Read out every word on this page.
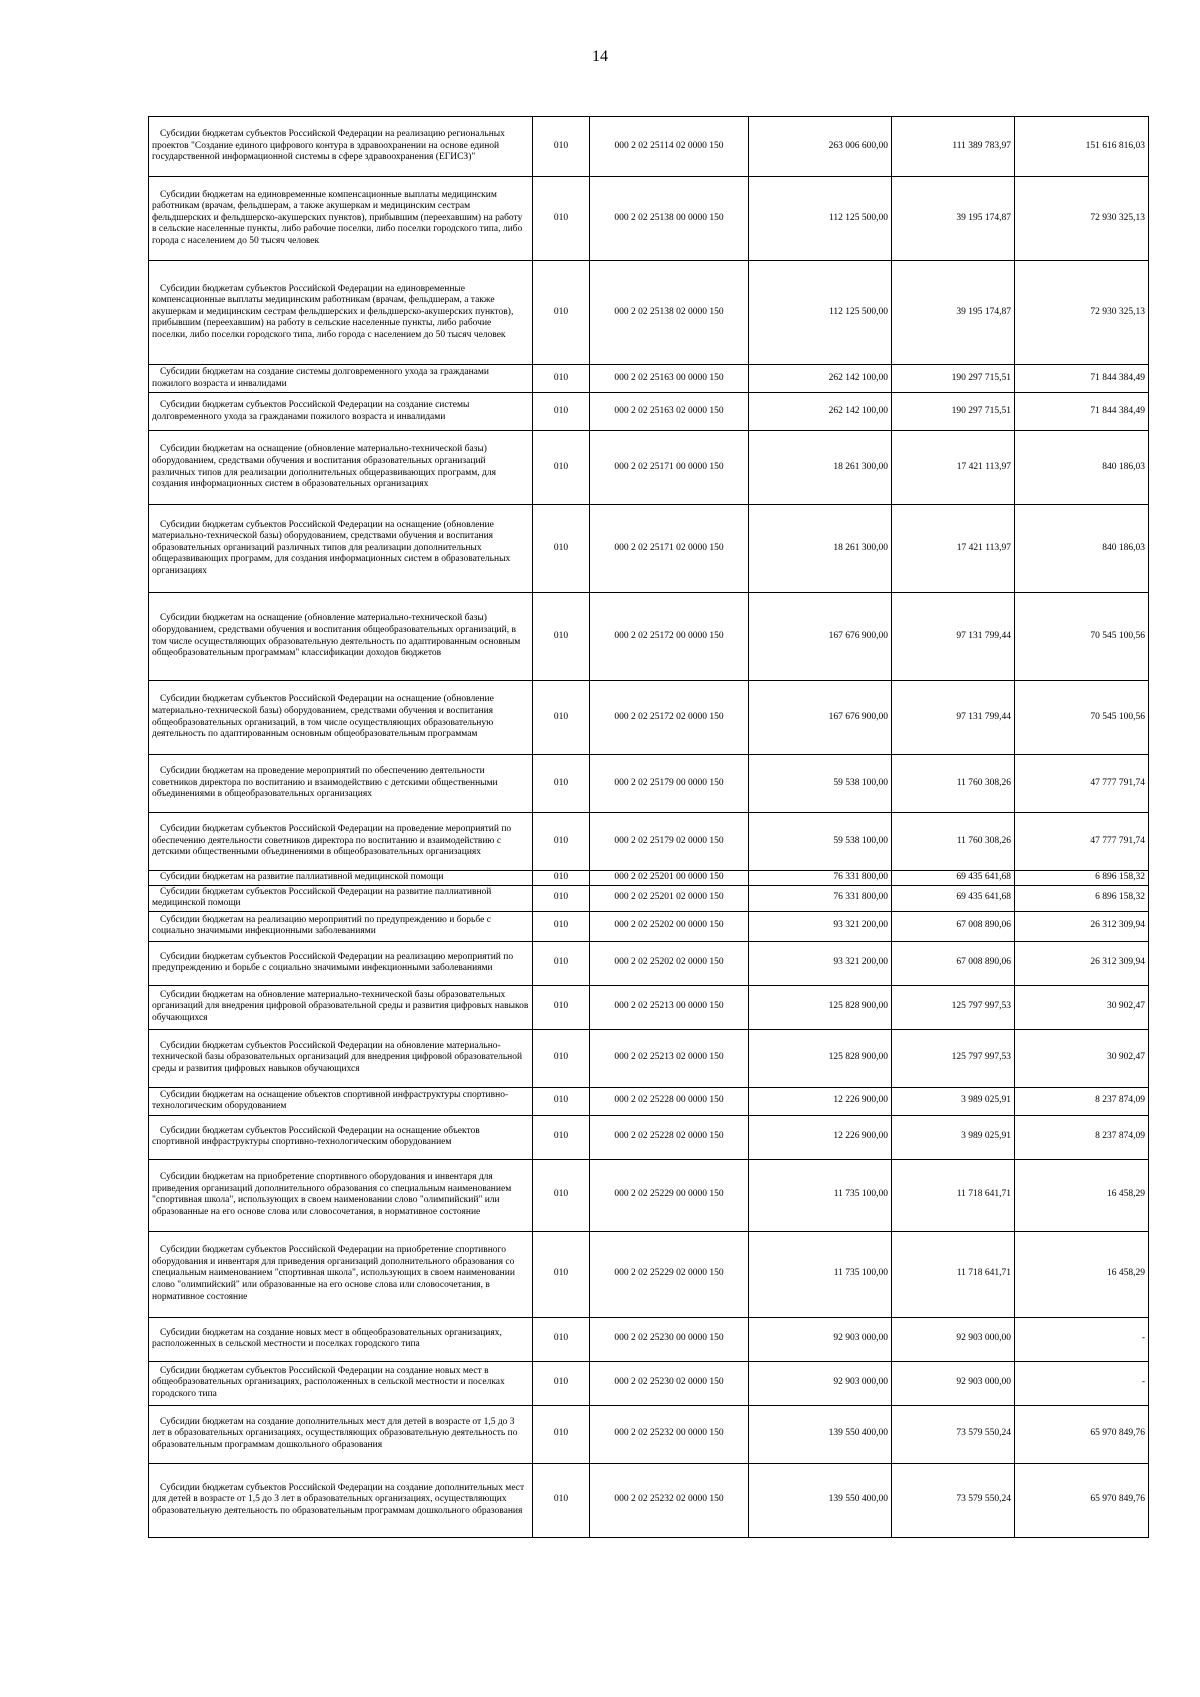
14
Субсидии бюджетам субъектов Российской Федерации на реализацию региональных проектов "Создание единого цифрового контура в здравоохранении на основе единой государственной информационной системы в сфере здравоохранения (ЕГИСЗ)"	010	000 2 02 25114 02 0000 150	263 006 600,00	111 389 783,97	151 616 816,03
Субсидии бюджетам на единовременные компенсационные выплаты медицинским работникам (врачам, фельдшерам, а также акушеркам и медицинским сестрам фельдшерских и фельдшерско-акушерских пунктов), прибывшим (переехавшим) на работу в сельские населенные пункты, либо рабочие поселки, либо поселки городского типа, либо города с населением до 50 тысяч человек	010	000 2 02 25138 00 0000 150	112 125 500,00	39 195 174,87	72 930 325,13
Субсидии бюджетам субъектов Российской Федерации на единовременные компенсационные выплаты медицинским работникам (врачам, фельдшерам, а также акушеркам и медицинским сестрам фельдшерских и фельдшерско-акушерских пунктов), прибывшим (переехавшим) на работу в сельские населенные пункты, либо рабочие поселки, либо поселки городского типа, либо города с населением до 50 тысяч человек	010	000 2 02 25138 02 0000 150	112 125 500,00	39 195 174,87	72 930 325,13
Субсидии бюджетам на создание системы долговременного ухода за гражданами пожилого возраста и инвалидами	010	000 2 02 25163 00 0000 150	262 142 100,00	190 297 715,51	71 844 384,49
Субсидии бюджетам субъектов Российской Федерации на создание системы долговременного ухода за гражданами пожилого возраста и инвалидами	010	000 2 02 25163 02 0000 150	262 142 100,00	190 297 715,51	71 844 384,49
Субсидии бюджетам на оснащение (обновление материально-технической базы) оборудованием, средствами обучения и воспитания образовательных организаций различных типов для реализации дополнительных общеразвивающих программ, для создания информационных систем в образовательных организациях	010	000 2 02 25171 00 0000 150	18 261 300,00	17 421 113,97	840 186,03
Субсидии бюджетам субъектов Российской Федерации на оснащение (обновление материально-технической базы) оборудованием, средствами обучения и воспитания образовательных организаций различных типов для реализации дополнительных общеразвивающих программ, для создания информационных систем в образовательных организациях	010	000 2 02 25171 02 0000 150	18 261 300,00	17 421 113,97	840 186,03
Субсидии бюджетам на оснащение (обновление материально-технической базы) оборудованием, средствами обучения и воспитания общеобразовательных организаций, в том числе осуществляющих образовательную деятельность по адаптированным основным общеобразовательным программам" классификации доходов бюджетов	010	000 2 02 25172 00 0000 150	167 676 900,00	97 131 799,44	70 545 100,56
Субсидии бюджетам субъектов Российской Федерации на оснащение (обновление материально-технической базы) оборудованием, средствами обучения и воспитания общеобразовательных организаций, в том числе осуществляющих образовательную деятельность по адаптированным основным общеобразовательным программам	010	000 2 02 25172 02 0000 150	167 676 900,00	97 131 799,44	70 545 100,56
Субсидии бюджетам на проведение мероприятий по обеспечению деятельности советников директора по воспитанию и взаимодействию с детскими общественными объединениями в общеобразовательных организациях	010	000 2 02 25179 00 0000 150	59 538 100,00	11 760 308,26	47 777 791,74
Субсидии бюджетам субъектов Российской Федерации на проведение мероприятий по обеспечению деятельности советников директора по воспитанию и взаимодействию с детскими общественными объединениями в общеобразовательных организациях	010	000 2 02 25179 02 0000 150	59 538 100,00	11 760 308,26	47 777 791,74
Субсидии бюджетам на развитие паллиативной медицинской помощи	010	000 2 02 25201 00 0000 150	76 331 800,00	69 435 641,68	6 896 158,32
Субсидии бюджетам субъектов Российской Федерации на развитие паллиативной медицинской помощи	010	000 2 02 25201 02 0000 150	76 331 800,00	69 435 641,68	6 896 158,32
Субсидии бюджетам на реализацию мероприятий по предупреждению и борьбе с социально значимыми инфекционными заболеваниями	010	000 2 02 25202 00 0000 150	93 321 200,00	67 008 890,06	26 312 309,94
Субсидии бюджетам субъектов Российской Федерации на реализацию мероприятий по предупреждению и борьбе с социально значимыми инфекционными заболеваниями	010	000 2 02 25202 02 0000 150	93 321 200,00	67 008 890,06	26 312 309,94
Субсидии бюджетам на обновление материально-технической базы образовательных организаций для внедрения цифровой образовательной среды и развития цифровых навыков обучающихся	010	000 2 02 25213 00 0000 150	125 828 900,00	125 797 997,53	30 902,47
Субсидии бюджетам субъектов Российской Федерации на обновление материально-технической базы образовательных организаций для внедрения цифровой образовательной среды и развития цифровых навыков обучающихся	010	000 2 02 25213 02 0000 150	125 828 900,00	125 797 997,53	30 902,47
Субсидии бюджетам на оснащение объектов спортивной инфраструктуры спортивно-технологическим оборудованием	010	000 2 02 25228 00 0000 150	12 226 900,00	3 989 025,91	8 237 874,09
Субсидии бюджетам субъектов Российской Федерации на оснащение объектов спортивной инфраструктуры спортивно-технологическим оборудованием	010	000 2 02 25228 02 0000 150	12 226 900,00	3 989 025,91	8 237 874,09
Субсидии бюджетам на приобретение спортивного оборудования и инвентаря для приведения организаций дополнительного образования со специальным наименованием "спортивная школа", использующих в своем наименовании слово "олимпийский" или образованные на его основе слова или словосочетания, в нормативное состояние	010	000 2 02 25229 00 0000 150	11 735 100,00	11 718 641,71	16 458,29
Субсидии бюджетам субъектов Российской Федерации на приобретение спортивного оборудования и инвентаря для приведения организаций дополнительного образования со специальным наименованием "спортивная школа", использующих в своем наименовании слово "олимпийский" или образованные на его основе слова или словосочетания, в нормативное состояние	010	000 2 02 25229 02 0000 150	11 735 100,00	11 718 641,71	16 458,29
Субсидии бюджетам на создание новых мест в общеобразовательных организациях, расположенных в сельской местности и поселках городского типа	010	000 2 02 25230 00 0000 150	92 903 000,00	92 903 000,00	-
Субсидии бюджетам субъектов Российской Федерации на создание новых мест в общеобразовательных организациях, расположенных в сельской местности и поселках городского типа	010	000 2 02 25230 02 0000 150	92 903 000,00	92 903 000,00	-
Субсидии бюджетам на создание дополнительных мест для детей в возрасте от 1,5 до 3 лет в образовательных организациях, осуществляющих образовательную деятельность по образовательным программам дошкольного образования	010	000 2 02 25232 00 0000 150	139 550 400,00	73 579 550,24	65 970 849,76
Субсидии бюджетам субъектов Российской Федерации на создание дополнительных мест для детей в возрасте от 1,5 до 3 лет в образовательных организациях, осуществляющих образовательную деятельность по образовательным программам дошкольного образования	010	000 2 02 25232 02 0000 150	139 550 400,00	73 579 550,24	65 970 849,76
